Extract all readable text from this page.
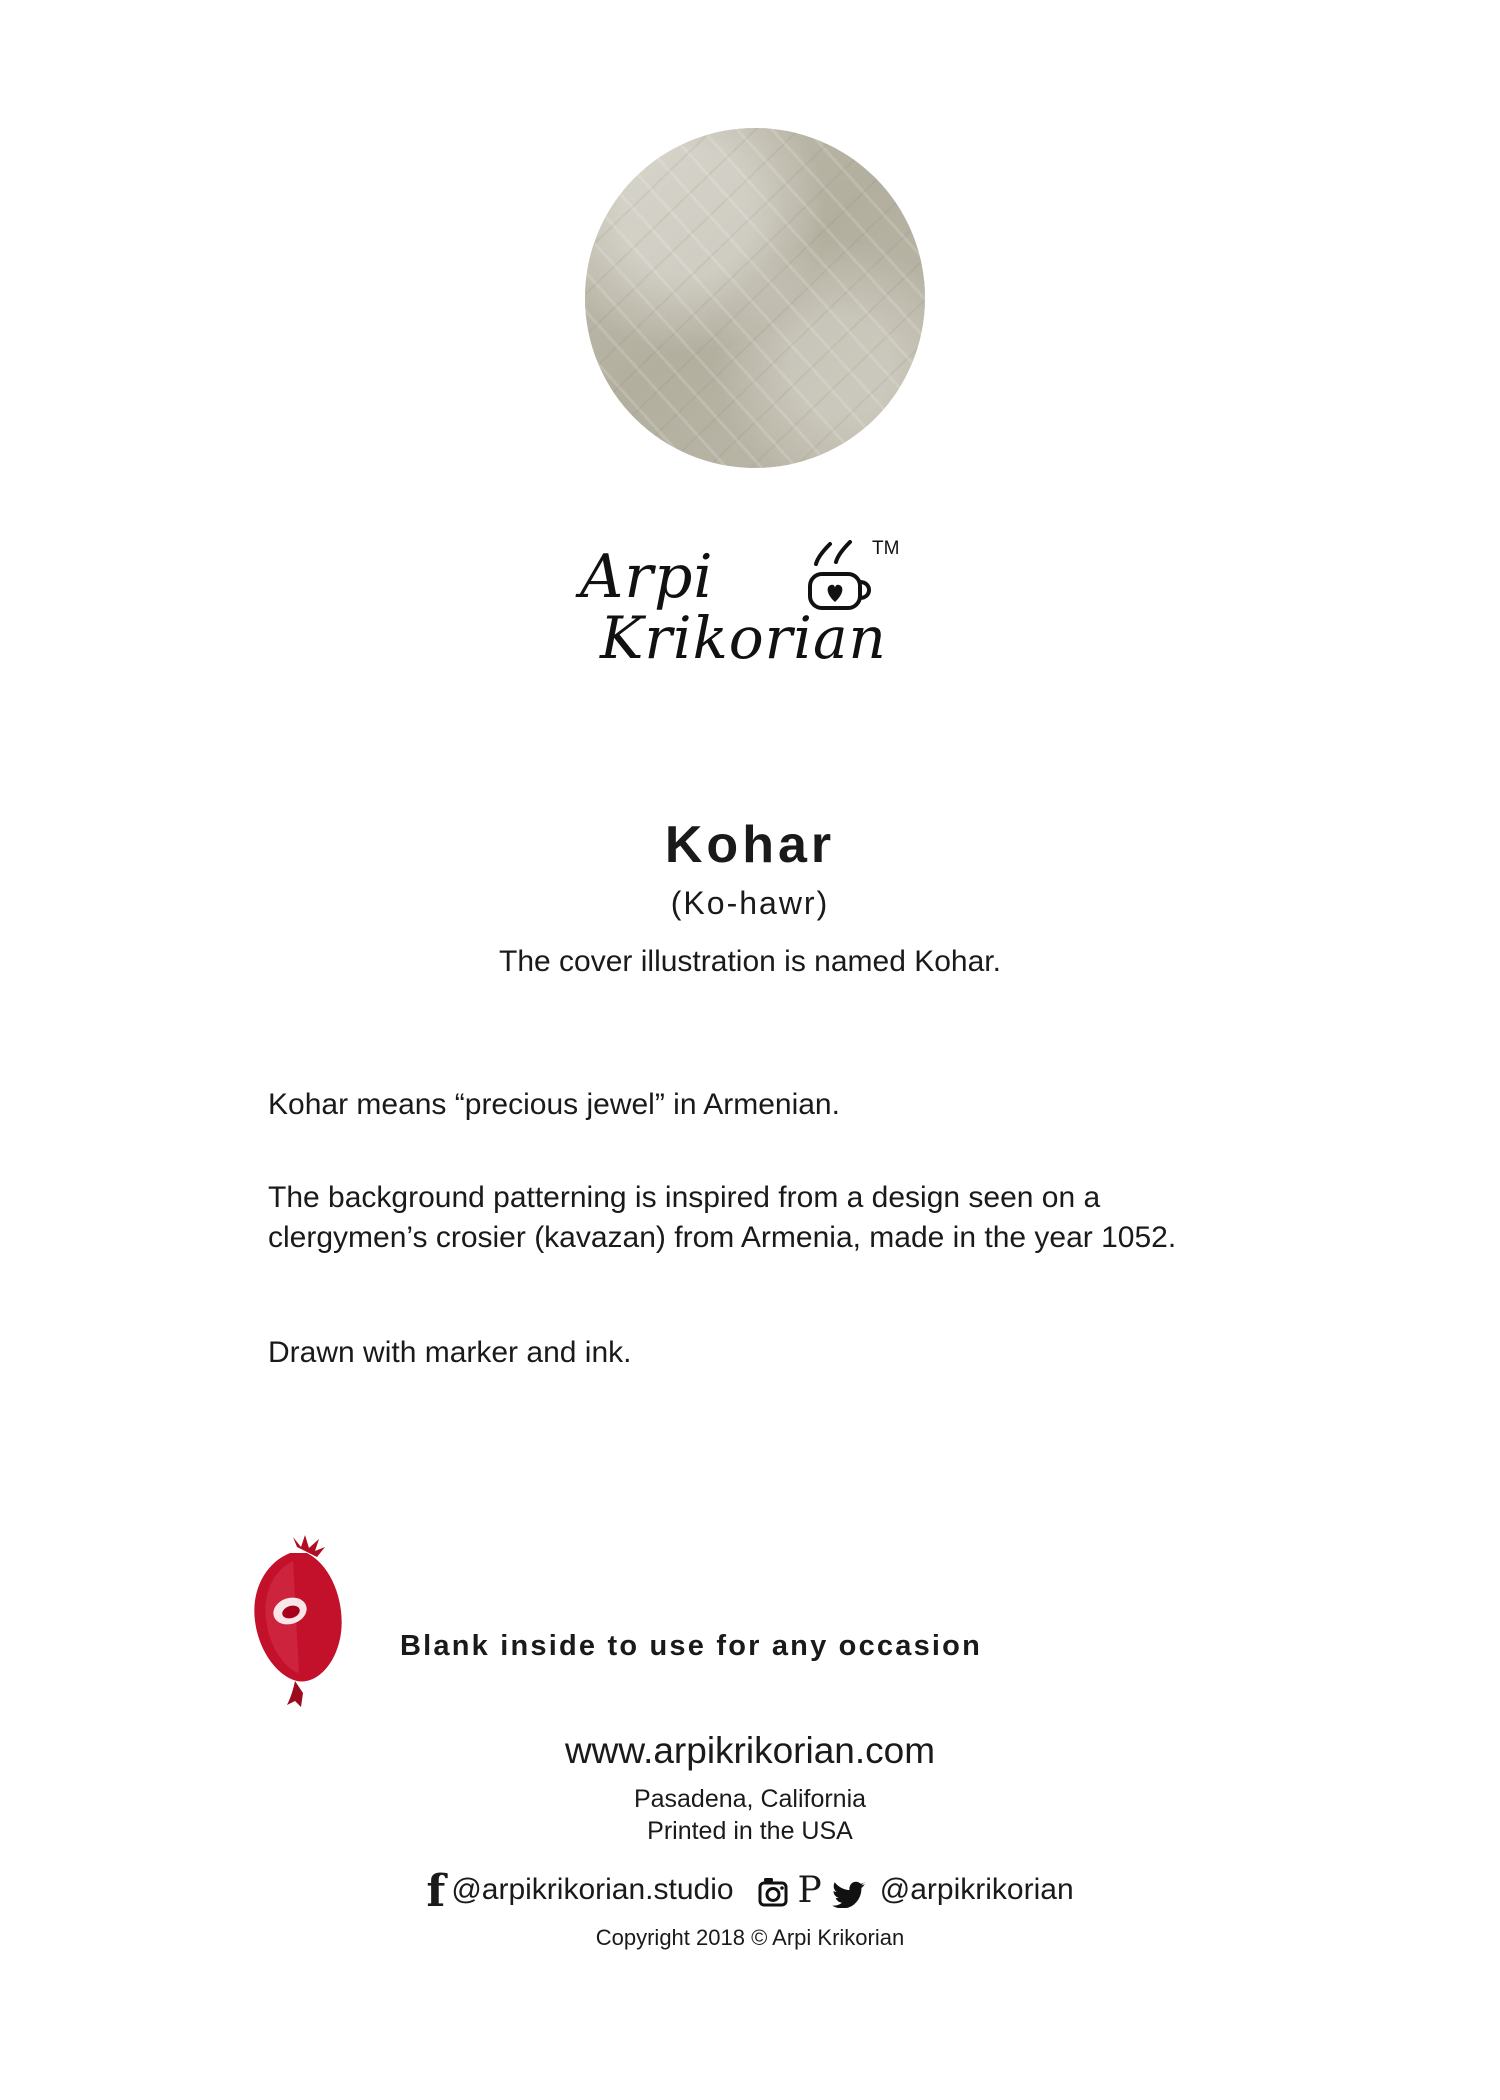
Arpi
Krikorian
TM
Kohar
(Ko-hawr)
The cover illustration is named Kohar.

Kohar means “precious jewel” in Armenian.

The background patterning is inspired from a design seen on a clergymen’s crosier (kavazan) from Armenia, made in the year 1052.

Drawn with marker and ink.

Blank inside to use for any occasion
www.arpikrikorian.com
Pasadena, California
Printed in the USA
f @arpikrikorian.studio P @arpikrikorian
Copyright 2018 © Arpi Krikorian
